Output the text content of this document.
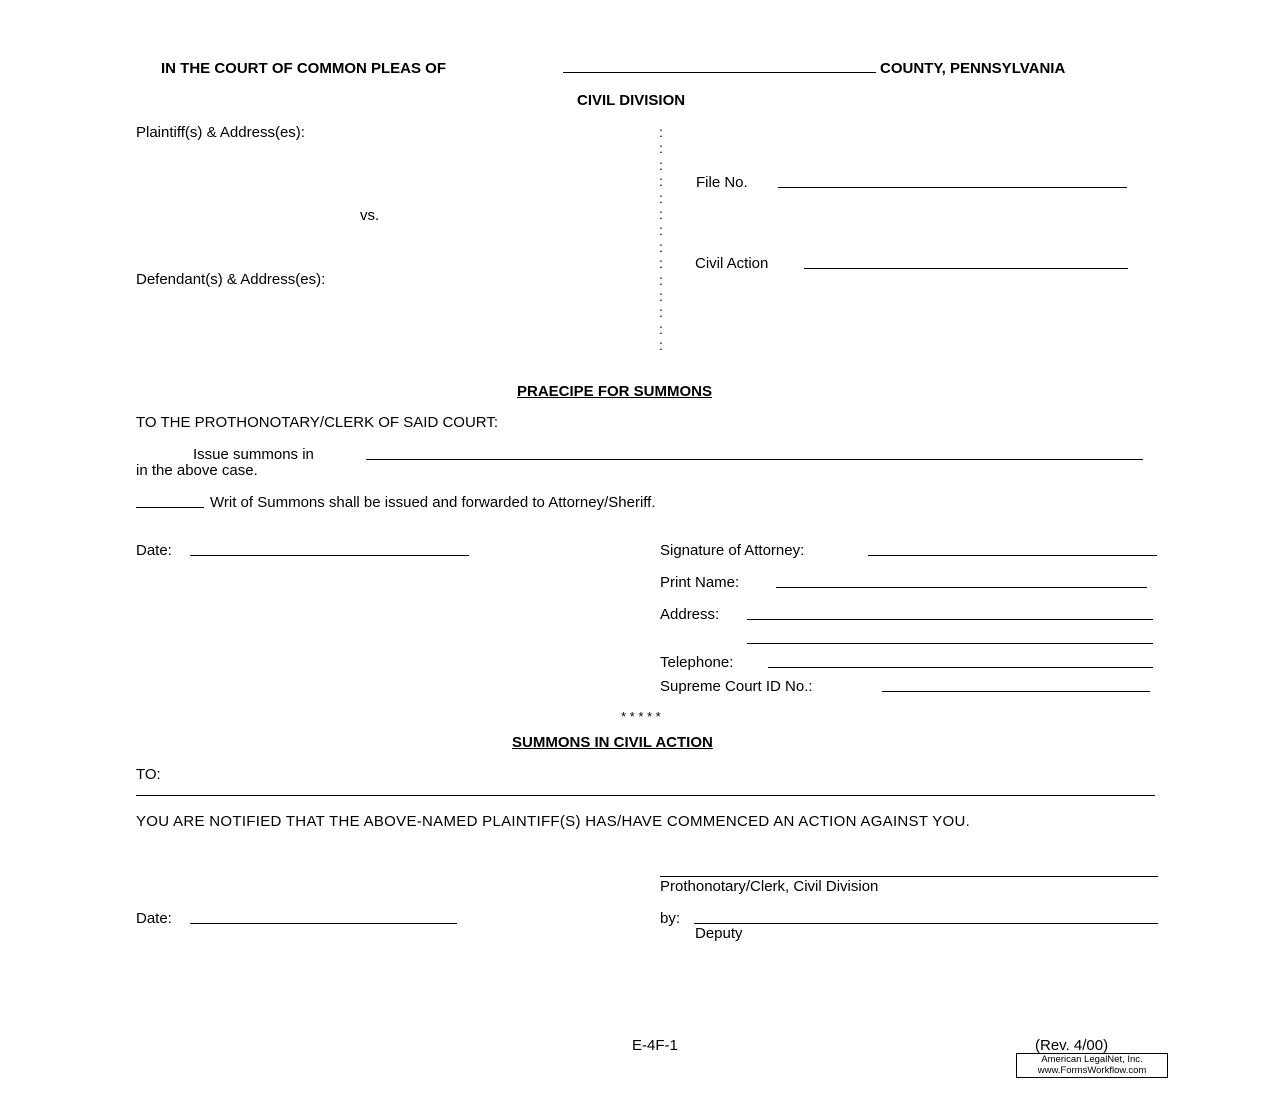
IN THE COURT OF COMMON PLEAS OF	COUNTY, PENNSYLVANIA
CIVIL DIVISION
Plaintiff(s) & Address(es):
vs.
Defendant(s) & Address(es):
:
:
:
:
:
:
:
:
:
:
:
:
:
:
File No.
Civil Action
PRAECIPE FOR SUMMONS
TO THE PROTHONOTARY/CLERK OF SAID COURT:
Issue summons in
in the above case.
Writ of Summons shall be issued and forwarded to Attorney/Sheriff.
Date:	Signature of Attorney:
Print Name:
Address:
Telephone:
Supreme Court ID No.:
* * * * *
SUMMONS IN CIVIL ACTION
TO:
YOU ARE NOTIFIED THAT THE ABOVE-NAMED PLAINTIFF(S) HAS/HAVE COMMENCED AN ACTION AGAINST YOU.
Prothonotary/Clerk, Civil Division
Date:	by:
Deputy
E-4F-1	(Rev. 4/00)
American LegalNet, Inc.
www.FormsWorkflow.com
